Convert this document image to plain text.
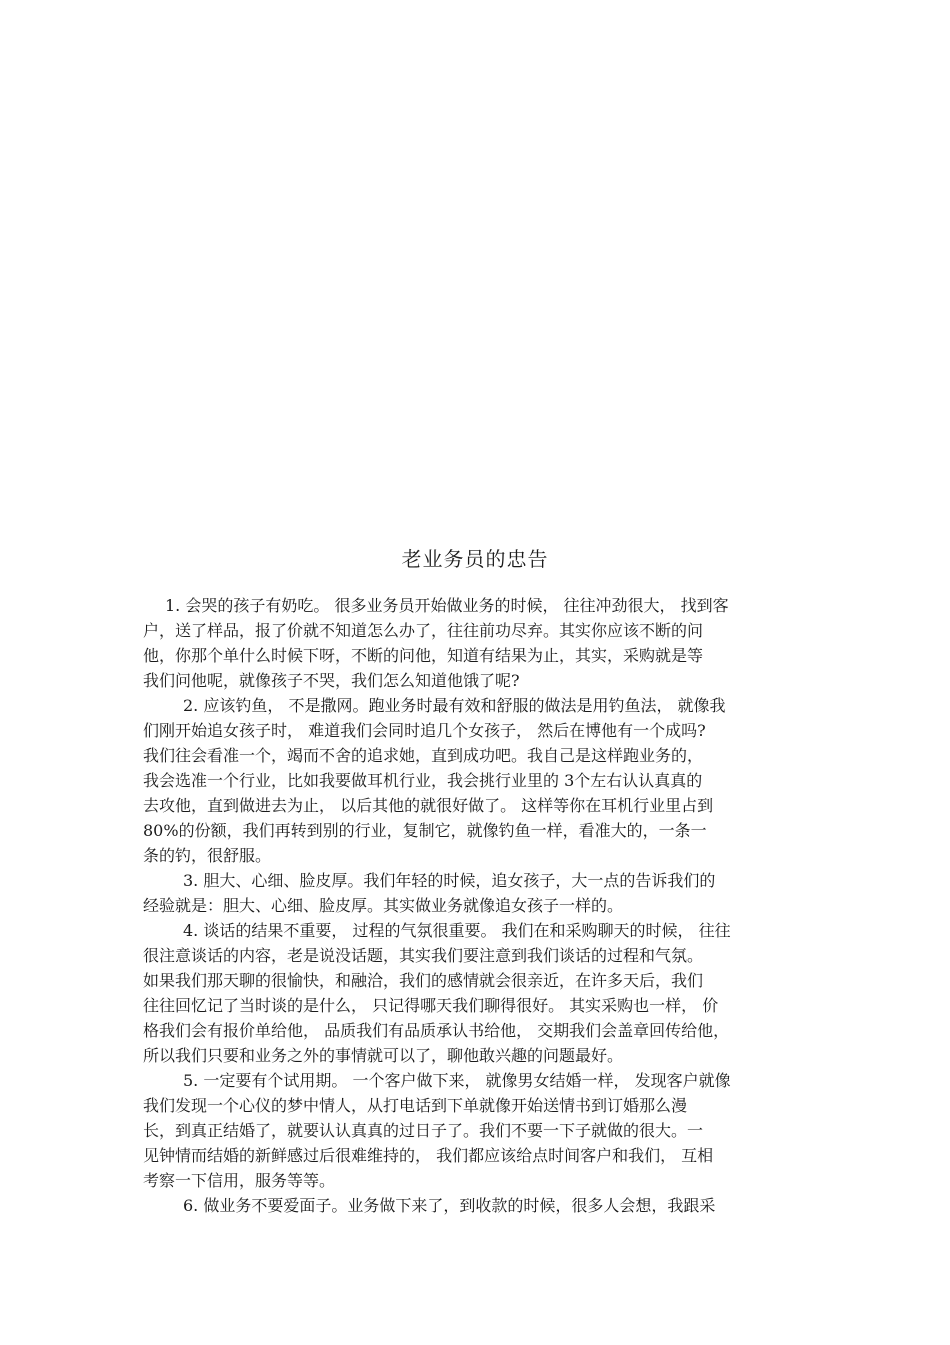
老业务员的忠告
1. 会哭的孩子有奶吃。 很多业务员开始做业务的时候， 往往冲劲很大， 找到客
户，送了样品，报了价就不知道怎么办了，往往前功尽弃。其实你应该不断的问
他，你那个单什么时候下呀，不断的问他，知道有结果为止，其实，采购就是等
我们问他呢，就像孩子不哭，我们怎么知道他饿了呢?
2. 应该钓鱼， 不是撒网。跑业务时最有效和舒服的做法是用钓鱼法， 就像我
们刚开始追女孩子时， 难道我们会同时追几个女孩子， 然后在博他有一个成吗?
我们往会看准一个，竭而不舍的追求她，直到成功吧。我自己是这样跑业务的，
我会选准一个行业，比如我要做耳机行业，我会挑行业里的 3个左右认认真真的
去攻他，直到做进去为止， 以后其他的就很好做了。 这样等你在耳机行业里占到
80%的份额，我们再转到别的行业，复制它，就像钓鱼一样，看准大的，一条一
条的钓，很舒服。
3. 胆大、心细、脸皮厚。我们年轻的时候，追女孩子，大一点的告诉我们的
经验就是：胆大、心细、脸皮厚。其实做业务就像追女孩子一样的。
4. 谈话的结果不重要， 过程的气氛很重要。 我们在和采购聊天的时候， 往往
很注意谈话的内容，老是说没话题，其实我们要注意到我们谈话的过程和气氛。
如果我们那天聊的很愉快，和融洽，我们的感情就会很亲近，在许多天后，我们
往往回忆记了当时谈的是什么， 只记得哪天我们聊得很好。 其实采购也一样， 价
格我们会有报价单给他， 品质我们有品质承认书给他， 交期我们会盖章回传给他，
所以我们只要和业务之外的事情就可以了，聊他敢兴趣的问题最好。
5. 一定要有个试用期。 一个客户做下来， 就像男女结婚一样， 发现客户就像
我们发现一个心仪的梦中情人，从打电话到下单就像开始送情书到订婚那么漫
长，到真正结婚了，就要认认真真的过日子了。我们不要一下子就做的很大。一
见钟情而结婚的新鲜感过后很难维持的， 我们都应该给点时间客户和我们， 互相
考察一下信用，服务等等。
6. 做业务不要爱面子。业务做下来了，到收款的时候，很多人会想，我跟采
